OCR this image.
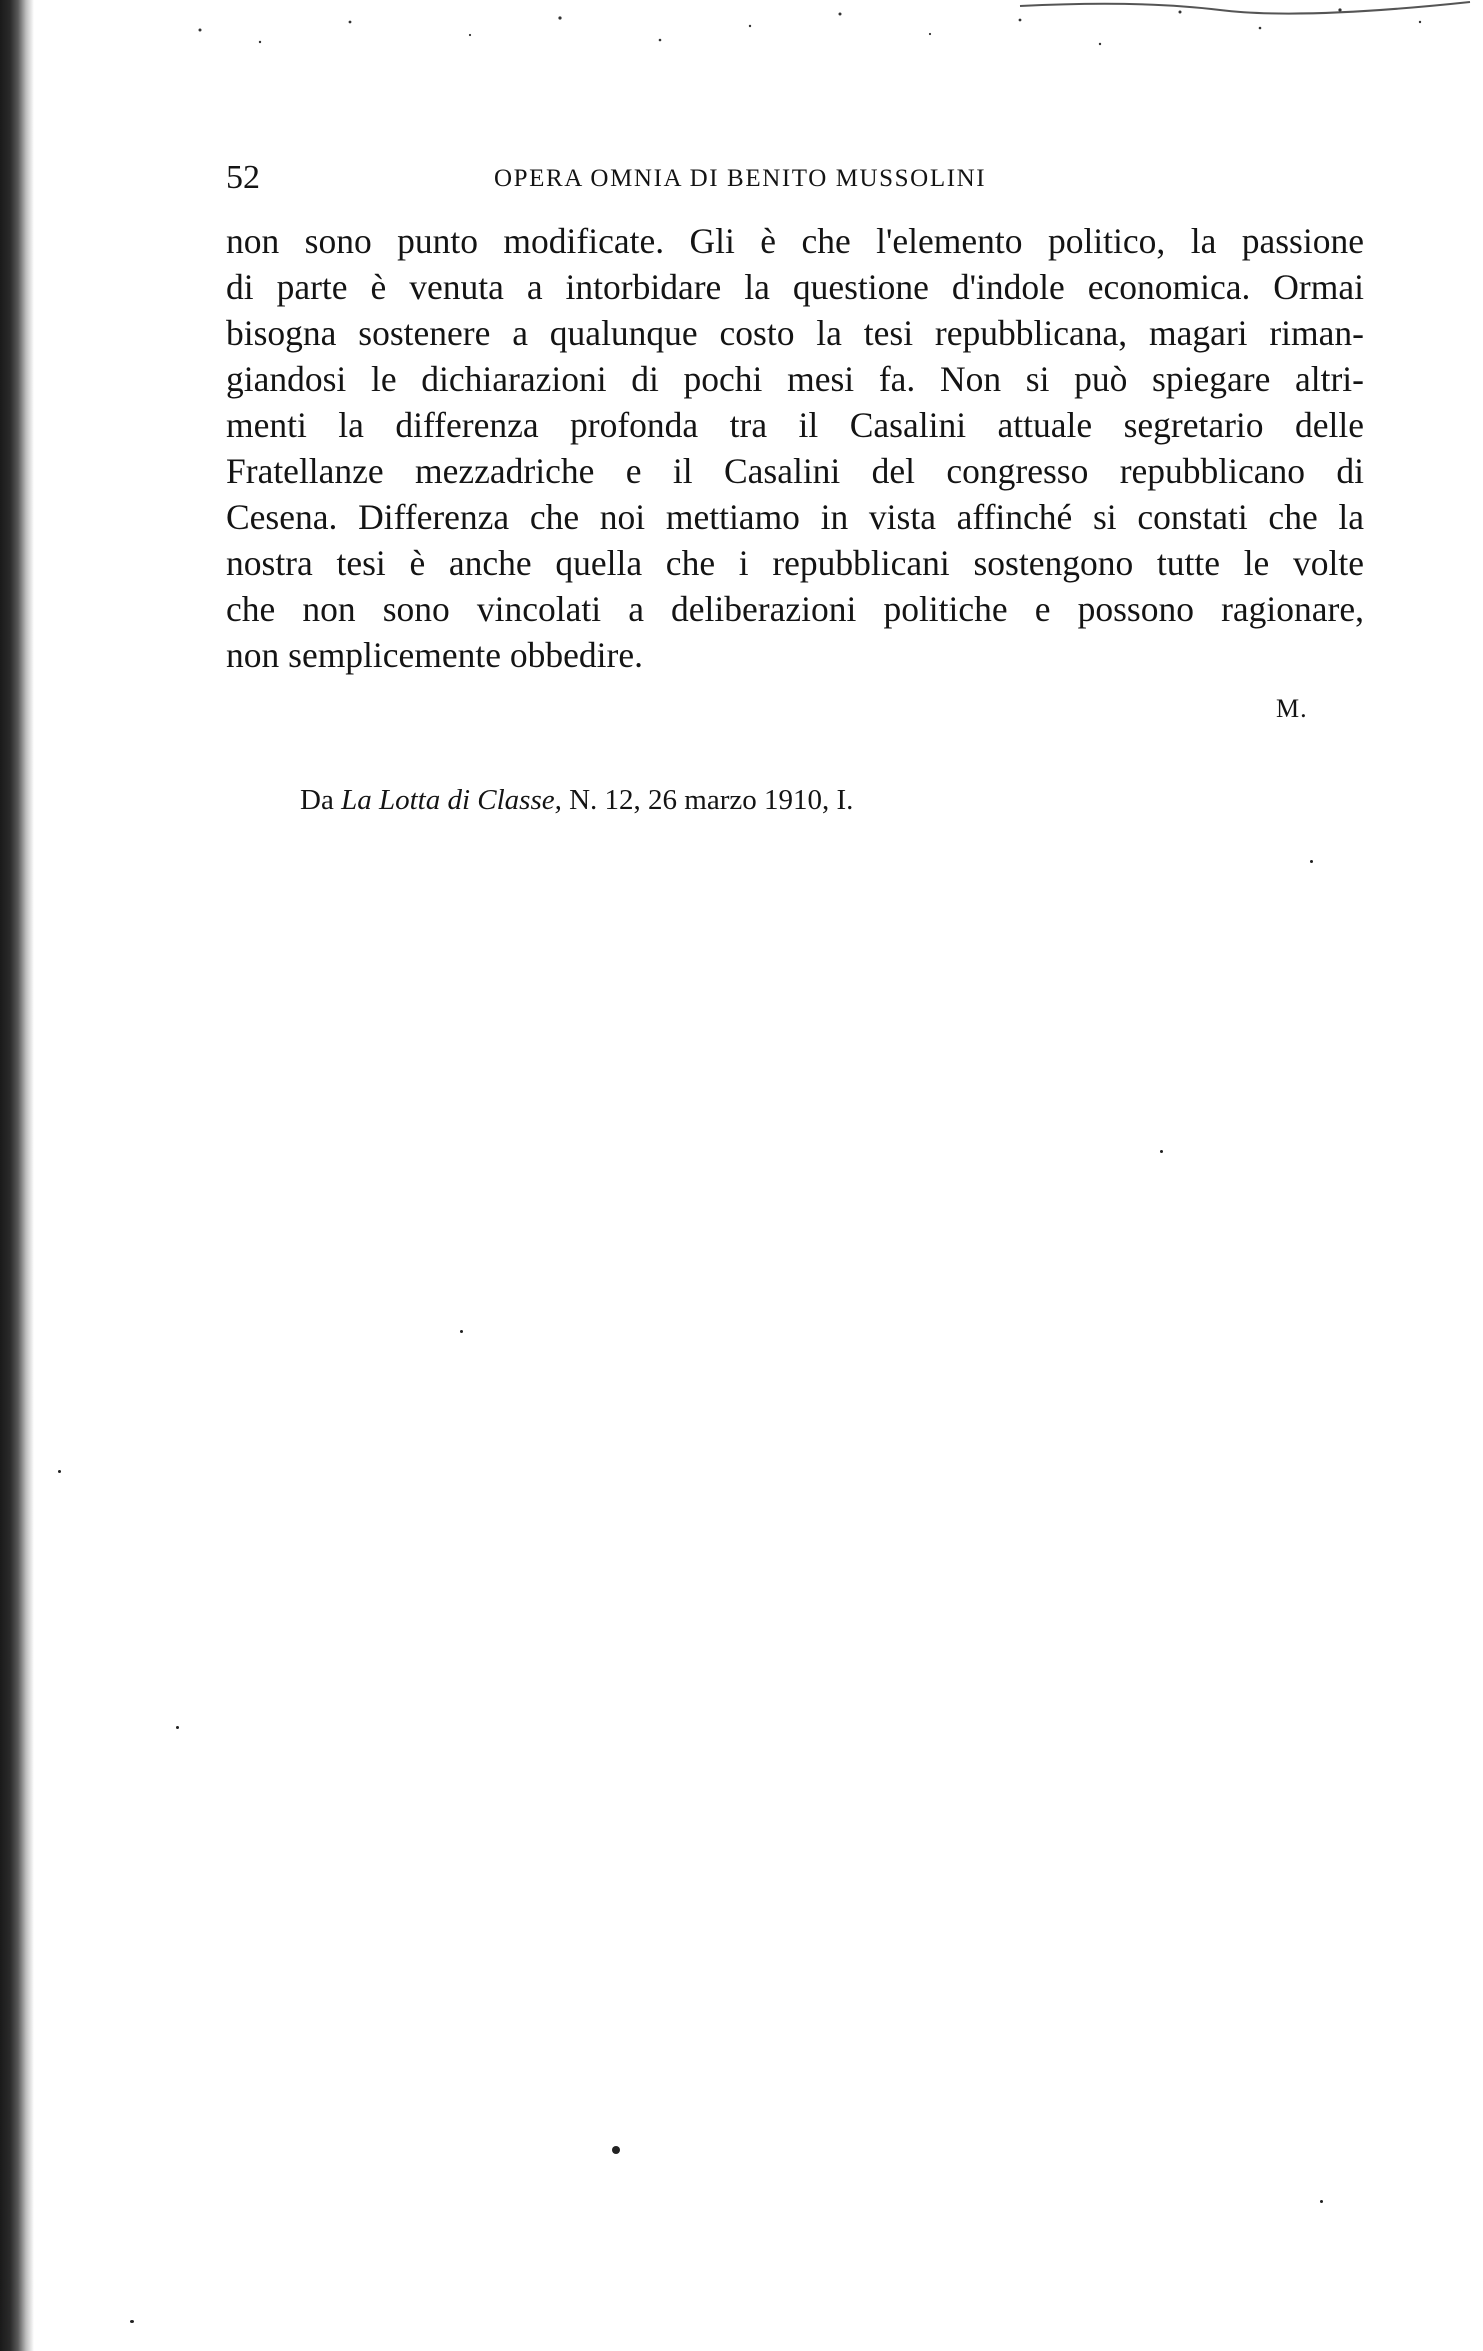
52	OPERA OMNIA DI BENITO MUSSOLINI
non sono punto modificate. Gli è che l'elemento politico, la passione
di parte è venuta a intorbidare la questione d'indole economica. Ormai
bisogna sostenere a qualunque costo la tesi repubblicana, magari riman-
giandosi le dichiarazioni di pochi mesi fa. Non si può spiegare altri-
menti la differenza profonda tra il Casalini attuale segretario delle
Fratellanze mezzadriche e il Casalini del congresso repubblicano di
Cesena. Differenza che noi mettiamo in vista affinché si constati che la
nostra tesi è anche quella che i repubblicani sostengono tutte le volte
che non sono vincolati a deliberazioni politiche e possono ragionare,
non semplicemente obbedire.
M.
Da La Lotta di Classe, N. 12, 26 marzo 1910, I.
